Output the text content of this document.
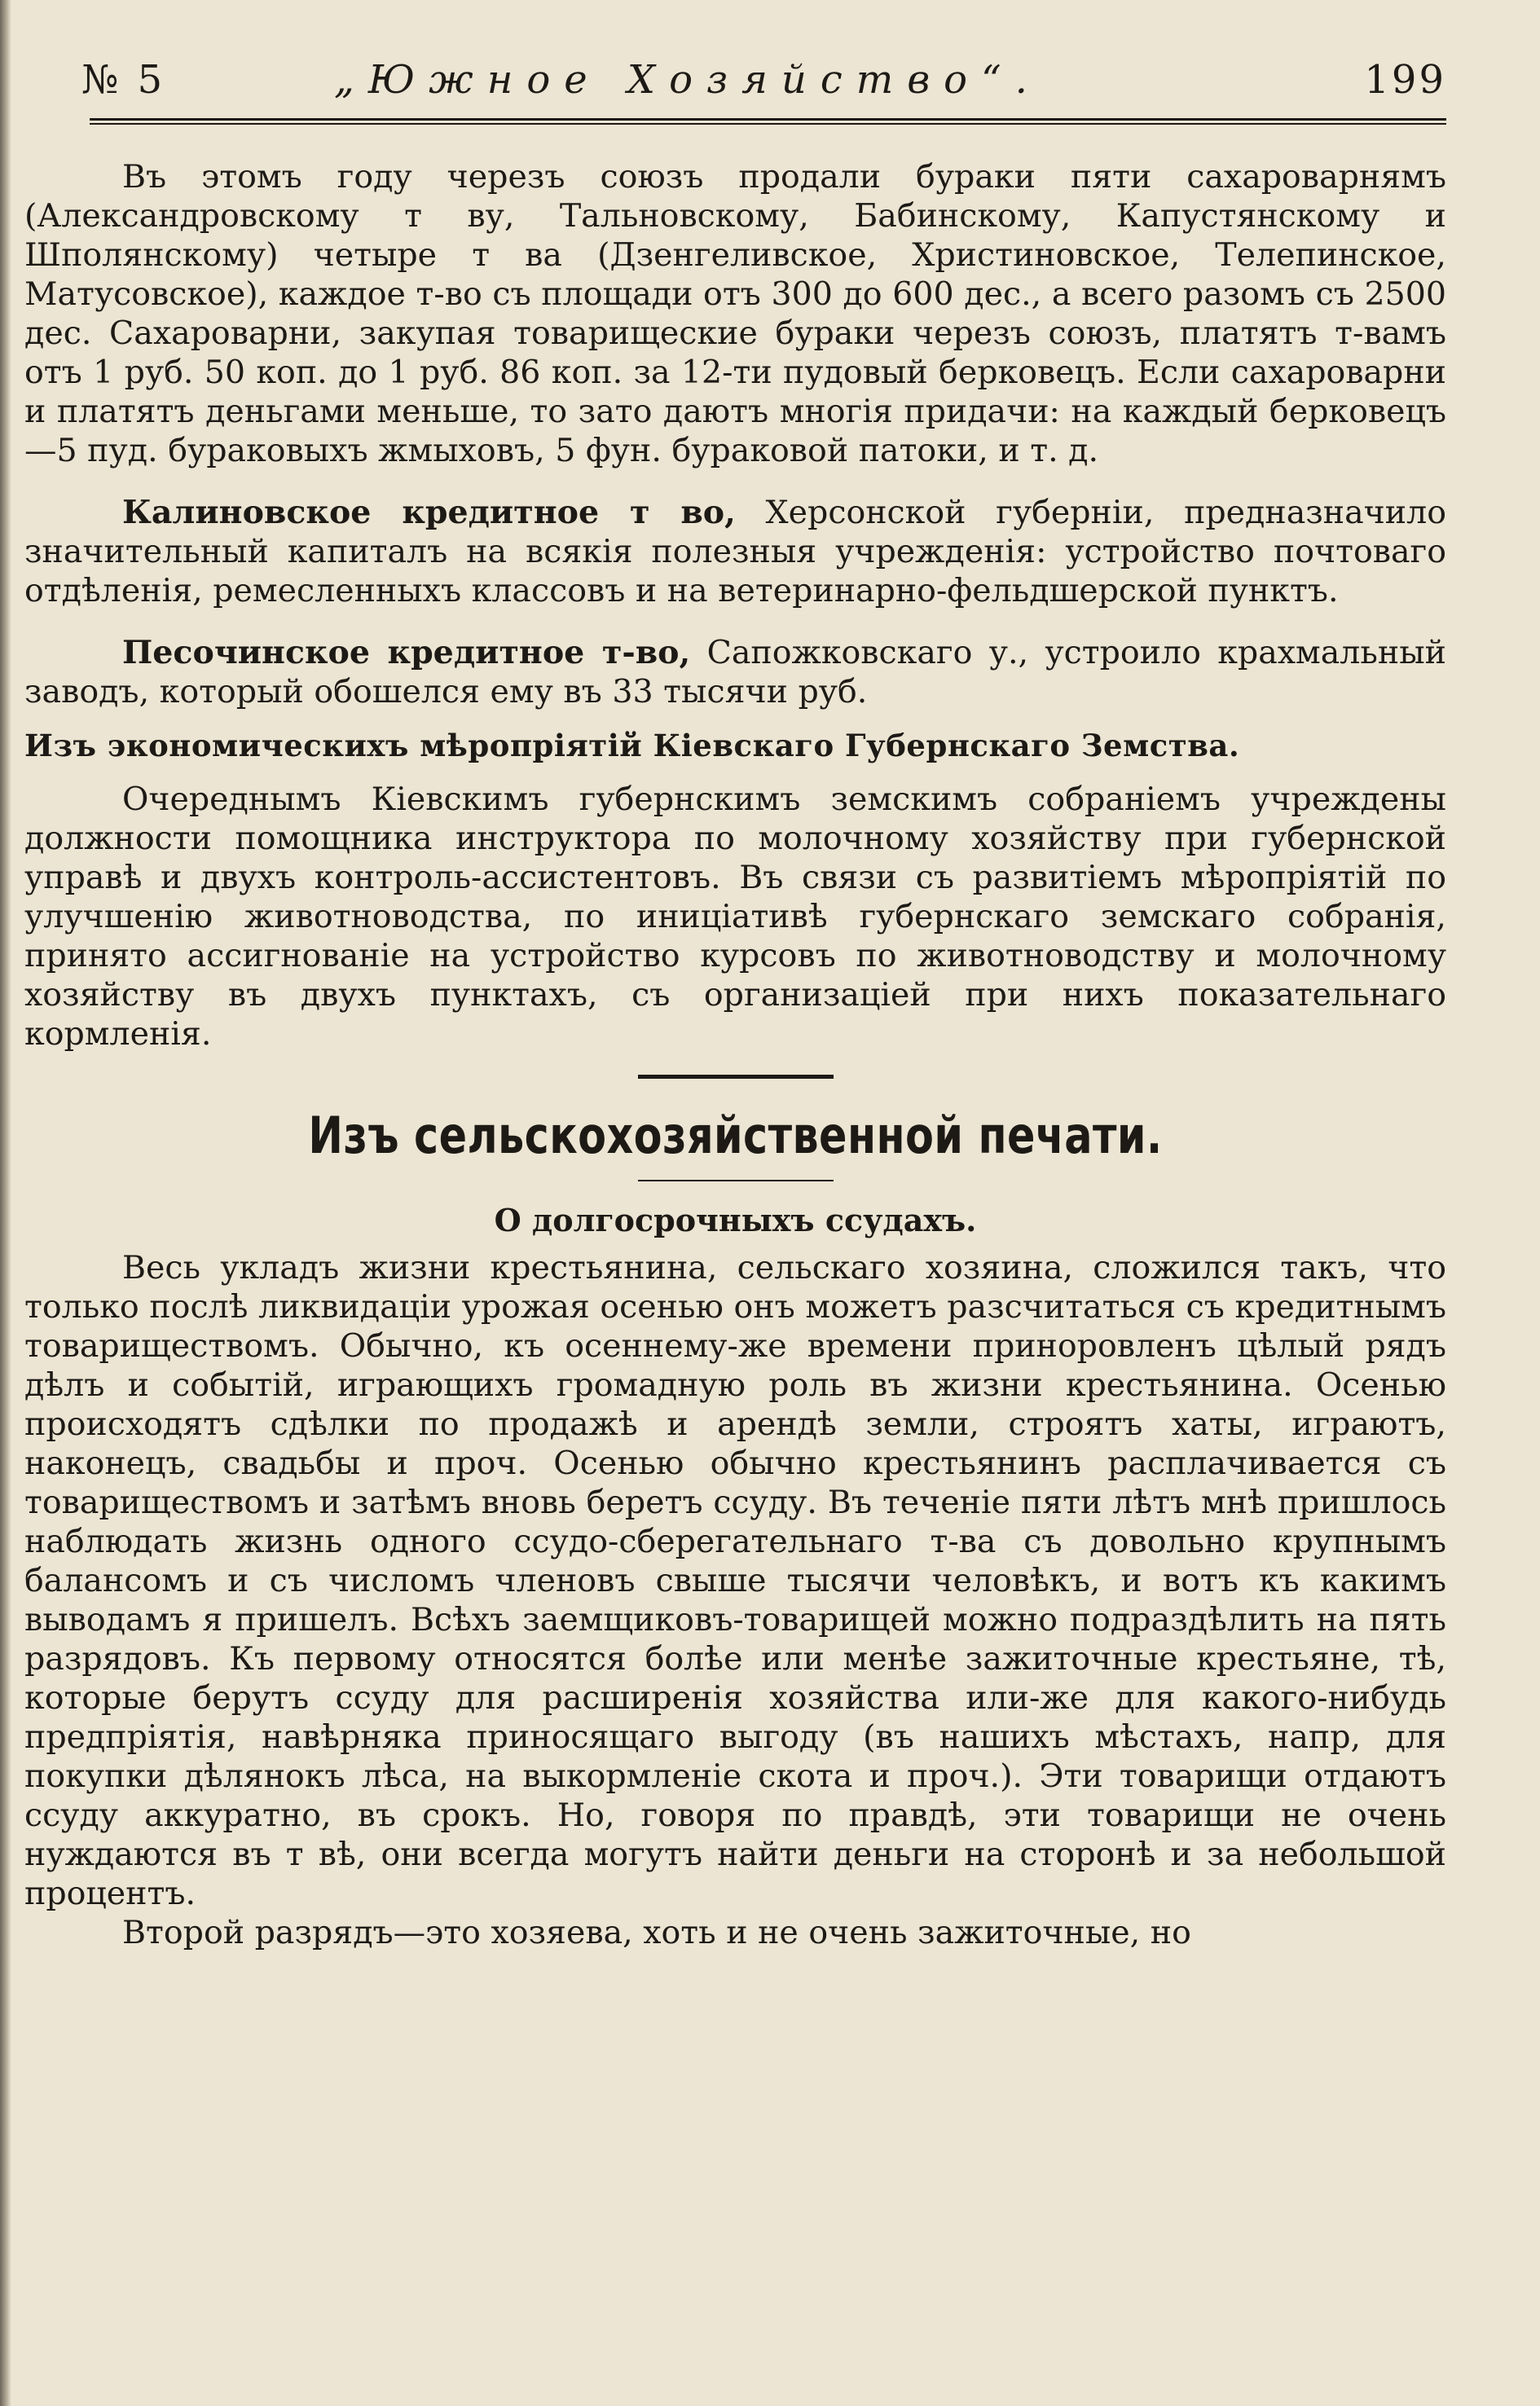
№ 5	„Южное Хозяйство“.	199

Въ этомъ году черезъ союзъ продали бураки пяти сахароварнямъ (Александровскому т ву, Тальновскому, Бабинскому, Капустянскому и Шполянскому) четыре т ва (Дзенгеливское, Христиновское, Телепинское, Матусовское), каждое т-во съ площади отъ 300 до 600 дес., а всего разомъ съ 2500 дес. Сахароварни, закупая товарищеские бураки черезъ союзъ, платятъ т-вамъ отъ 1 руб. 50 коп. до 1 руб. 86 коп. за 12-ти пудовый берковецъ. Если сахароварни и платятъ деньгами меньше, то зато даютъ многія придачи: на каждый берковецъ—5 пуд. бураковыхъ жмыховъ, 5 фун. бураковой патоки, и т. д.

Калиновское кредитное т во, Херсонской губерніи, предназначило значительный капиталъ на всякія полезныя учрежденія: устройство почтоваго отдѣленія, ремесленныхъ классовъ и на ветеринарно-фельдшерской пунктъ.

Песочинское кредитное т-во, Сапожковскаго у., устроило крахмальный заводъ, который обошелся ему въ 33 тысячи руб.

Изъ экономическихъ мѣропріятій Кіевскаго Губернскаго Земства.

Очереднымъ Кіевскимъ губернскимъ земскимъ собраніемъ учреждены должности помощника инструктора по молочному хозяйству при губернской управѣ и двухъ контроль-ассистентовъ. Въ связи съ развитіемъ мѣропріятій по улучшенію животноводства, по иниціативѣ губернскаго земскаго собранія, принято ассигнованіе на устройство курсовъ по животноводству и молочному хозяйству въ двухъ пунктахъ, съ организаціей при нихъ показательнаго кормленія.

Изъ сельскохозяйственной печати.
О долгосрочныхъ ссудахъ.

Весь укладъ жизни крестьянина, сельскаго хозяина, сложился такъ, что только послѣ ликвидаціи урожая осенью онъ можетъ разсчитаться съ кредитнымъ товариществомъ. Обычно, къ осеннему-же времени приноровленъ цѣлый рядъ дѣлъ и событій, играющихъ громадную роль въ жизни крестьянина. Осенью происходятъ сдѣлки по продажѣ и арендѣ земли, строятъ хаты, играютъ, наконецъ, свадьбы и проч. Осенью обычно крестьянинъ расплачивается съ товариществомъ и затѣмъ вновь беретъ ссуду. Въ теченіе пяти лѣтъ мнѣ пришлось наблюдать жизнь одного ссудо-сберегательнаго т-ва съ довольно крупнымъ балансомъ и съ числомъ членовъ свыше тысячи человѣкъ, и вотъ къ какимъ выводамъ я пришелъ. Всѣхъ заемщиковъ-товарищей можно подраздѣлить на пять разрядовъ. Къ первому относятся болѣе или менѣе зажиточные крестьяне, тѣ, которые берутъ ссуду для расширенія хозяйства или-же для какого-нибудь предпріятія, навѣрняка приносящаго выгоду (въ нашихъ мѣстахъ, напр, для покупки дѣлянокъ лѣса, на выкормленіе скота и проч.). Эти товарищи отдаютъ ссуду аккуратно, въ срокъ. Но, говоря по правдѣ, эти товарищи не очень нуждаются въ т вѣ, они всегда могутъ найти деньги на сторонѣ и за небольшой процентъ.

Второй разрядъ—это хозяева, хоть и не очень зажиточные, но
